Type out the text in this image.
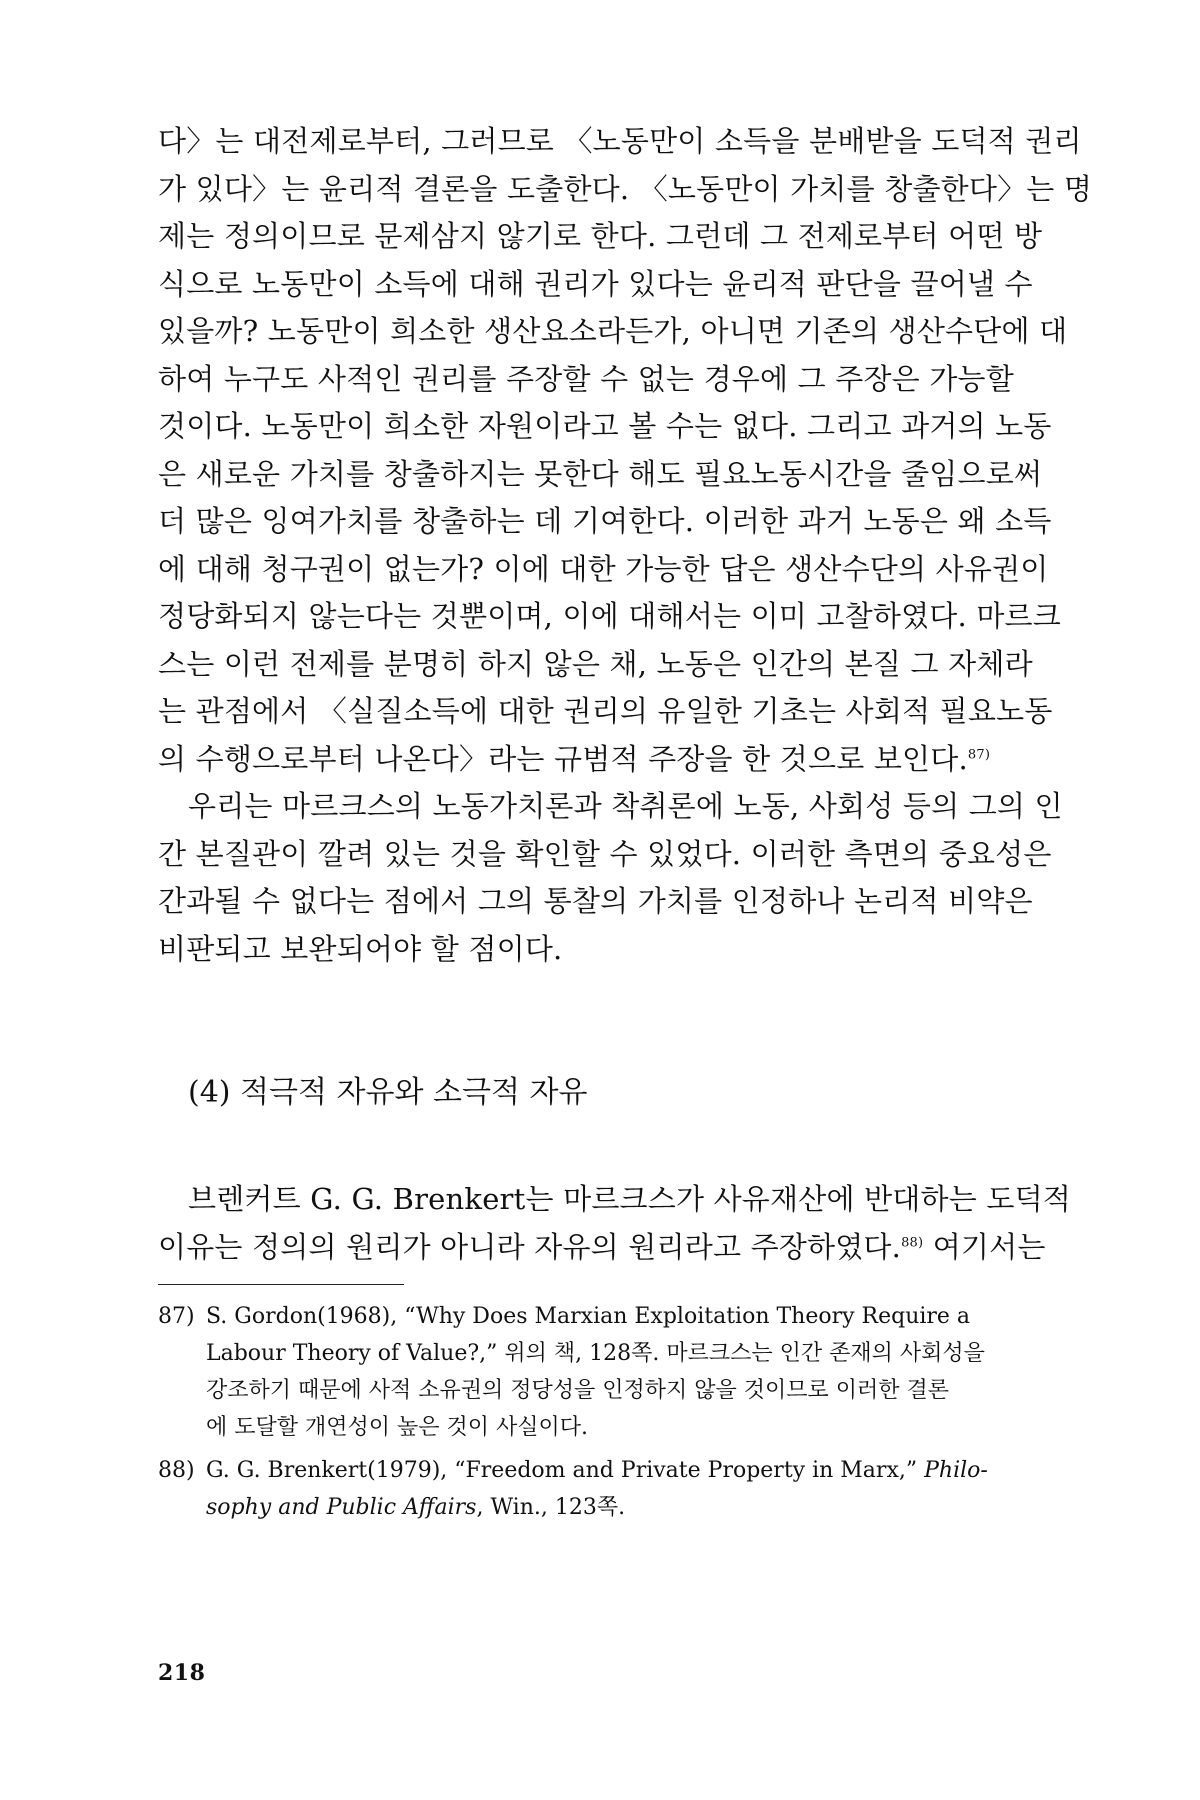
다〉는 대전제로부터, 그러므로 〈노동만이 소득을 분배받을 도덕적 권리
가 있다〉는 윤리적 결론을 도출한다. 〈노동만이 가치를 창출한다〉는 명
제는 정의이므로 문제삼지 않기로 한다. 그런데 그 전제로부터 어떤 방
식으로 노동만이 소득에 대해 권리가 있다는 윤리적 판단을 끌어낼 수
있을까? 노동만이 희소한 생산요소라든가, 아니면 기존의 생산수단에 대
하여 누구도 사적인 권리를 주장할 수 없는 경우에 그 주장은 가능할
것이다. 노동만이 희소한 자원이라고 볼 수는 없다. 그리고 과거의 노동
은 새로운 가치를 창출하지는 못한다 해도 필요노동시간을 줄임으로써
더 많은 잉여가치를 창출하는 데 기여한다. 이러한 과거 노동은 왜 소득
에 대해 청구권이 없는가? 이에 대한 가능한 답은 생산수단의 사유권이
정당화되지 않는다는 것뿐이며, 이에 대해서는 이미 고찰하였다. 마르크
스는 이런 전제를 분명히 하지 않은 채, 노동은 인간의 본질 그 자체라
는 관점에서 〈실질소득에 대한 권리의 유일한 기초는 사회적 필요노동
의 수행으로부터 나온다〉라는 규범적 주장을 한 것으로 보인다.$^{87)}$
우리는 마르크스의 노동가치론과 착취론에 노동, 사회성 등의 그의 인
간 본질관이 깔려 있는 것을 확인할 수 있었다. 이러한 측면의 중요성은
간과될 수 없다는 점에서 그의 통찰의 가치를 인정하나 논리적 비약은
비판되고 보완되어야 할 점이다.
(4) 적극적 자유와 소극적 자유
브렌커트 G. G. Brenkert는 마르크스가 사유재산에 반대하는 도덕적
이유는 정의의 원리가 아니라 자유의 원리라고 주장하였다.$^{88)}$ 여기서는
87) S. Gordon(1968), “Why Does Marxian Exploitation Theory Require a
Labour Theory of Value?,” 위의 책, 128쪽. 마르크스는 인간 존재의 사회성을
강조하기 때문에 사적 소유권의 정당성을 인정하지 않을 것이므로 이러한 결론
에 도달할 개연성이 높은 것이 사실이다.
88) G. G. Brenkert(1979), “Freedom and Private Property in Marx,” Philo-
sophy and Public Affairs, Win., 123쪽.
218
